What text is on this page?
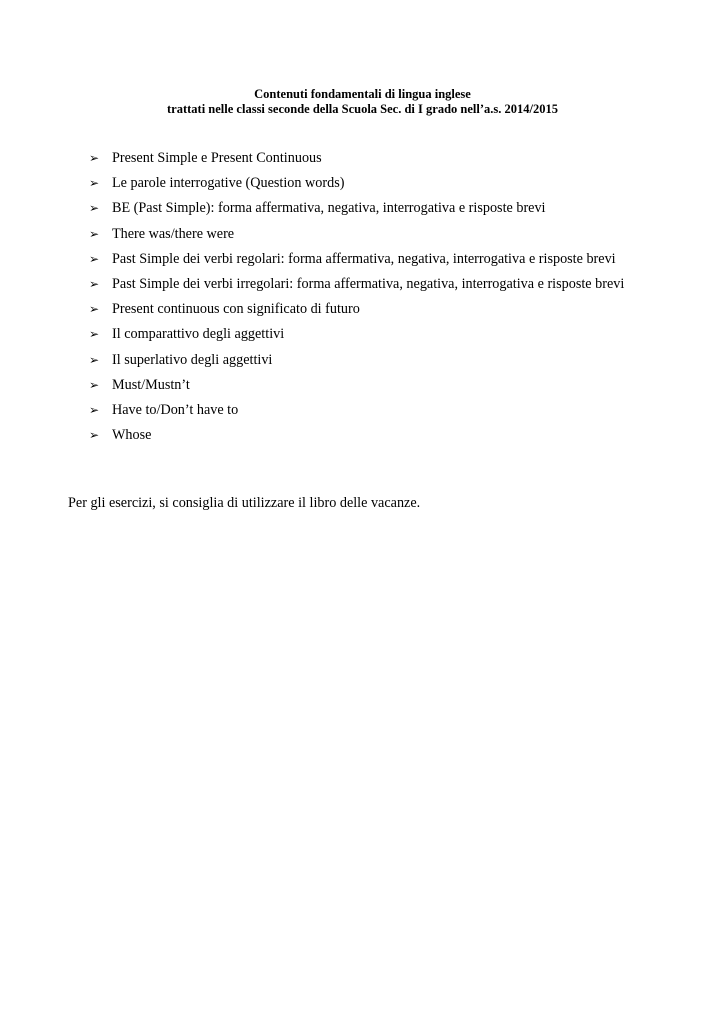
Contenuti fondamentali di lingua inglese
trattati nelle classi seconde della Scuola Sec. di I grado nell’a.s. 2014/2015
➢ Present Simple e Present Continuous
➢ Le parole interrogative (Question words)
➢ BE (Past Simple): forma affermativa, negativa, interrogativa e risposte brevi
➢ There was/there were
➢ Past Simple dei verbi regolari: forma affermativa, negativa, interrogativa e risposte brevi
➢ Past Simple dei verbi irregolari: forma affermativa, negativa, interrogativa e risposte brevi
➢ Present continuous con significato di futuro
➢ Il comparattivo degli aggettivi
➢ Il superlativo degli aggettivi
➢ Must/Mustn’t
➢ Have to/Don’t have to
➢ Whose
Per gli esercizi, si consiglia di utilizzare il libro delle vacanze.
